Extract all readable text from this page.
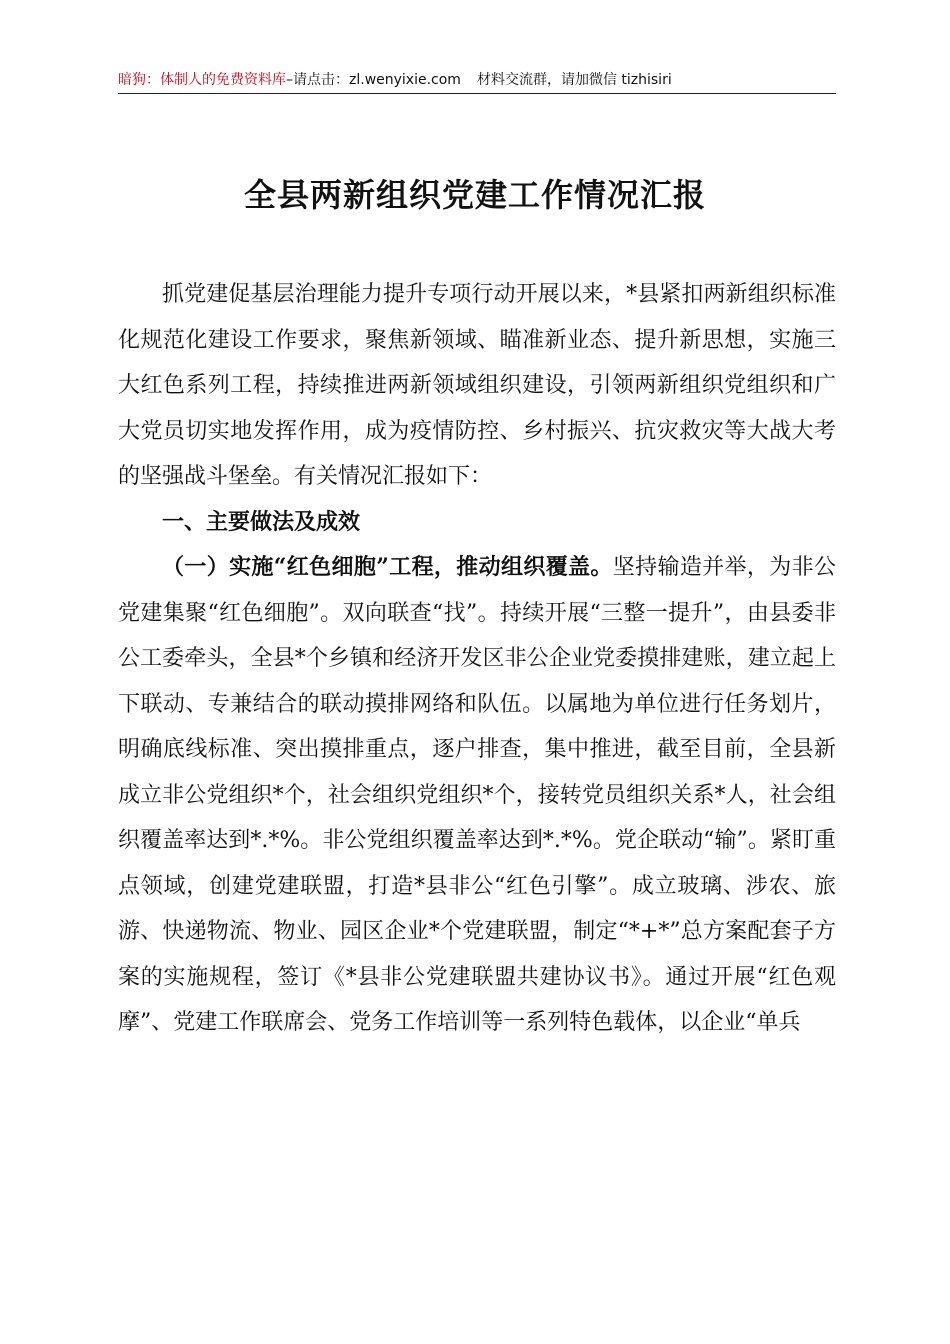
暗狗：体制人的免费资料库–请点击：zl.wenyixie.com 材料交流群，请加微信 tizhisiri
全县两新组织党建工作情况汇报

抓党建促基层治理能力提升专项行动开展以来，*县紧扣两新组织标准化规范化建设工作要求，聚焦新领域、瞄准新业态、提升新思想，实施三大红色系列工程，持续推进两新领域组织建设，引领两新组织党组织和广大党员切实地发挥作用，成为疫情防控、乡村振兴、抗灾救灾等大战大考的坚强战斗堡垒。有关情况汇报如下：

一、主要做法及成效

（一）实施“红色细胞”工程，推动组织覆盖。坚持输造并举，为非公党建集聚“红色细胞”。双向联查“找”。持续开展“三整一提升”，由县委非公工委牵头，全县*个乡镇和经济开发区非公企业党委摸排建账，建立起上下联动、专兼结合的联动摸排网络和队伍。以属地为单位进行任务划片，明确底线标准、突出摸排重点，逐户排查，集中推进，截至目前，全县新成立非公党组织*个，社会组织党组织*个，接转党员组织关系*人，社会组织覆盖率达到*.*%。非公党组织覆盖率达到*.*%。党企联动“输”。紧盯重点领域，创建党建联盟，打造*县非公“红色引擎”。成立玻璃、涉农、旅游、快递物流、物业、园区企业*个党建联盟，制定“*+*”总方案配套子方案的实施规程，签订《*县非公党建联盟共建协议书》。通过开展“红色观摩”、党建工作联席会、党务工作培训等一系列特色载体，以企业“单兵
